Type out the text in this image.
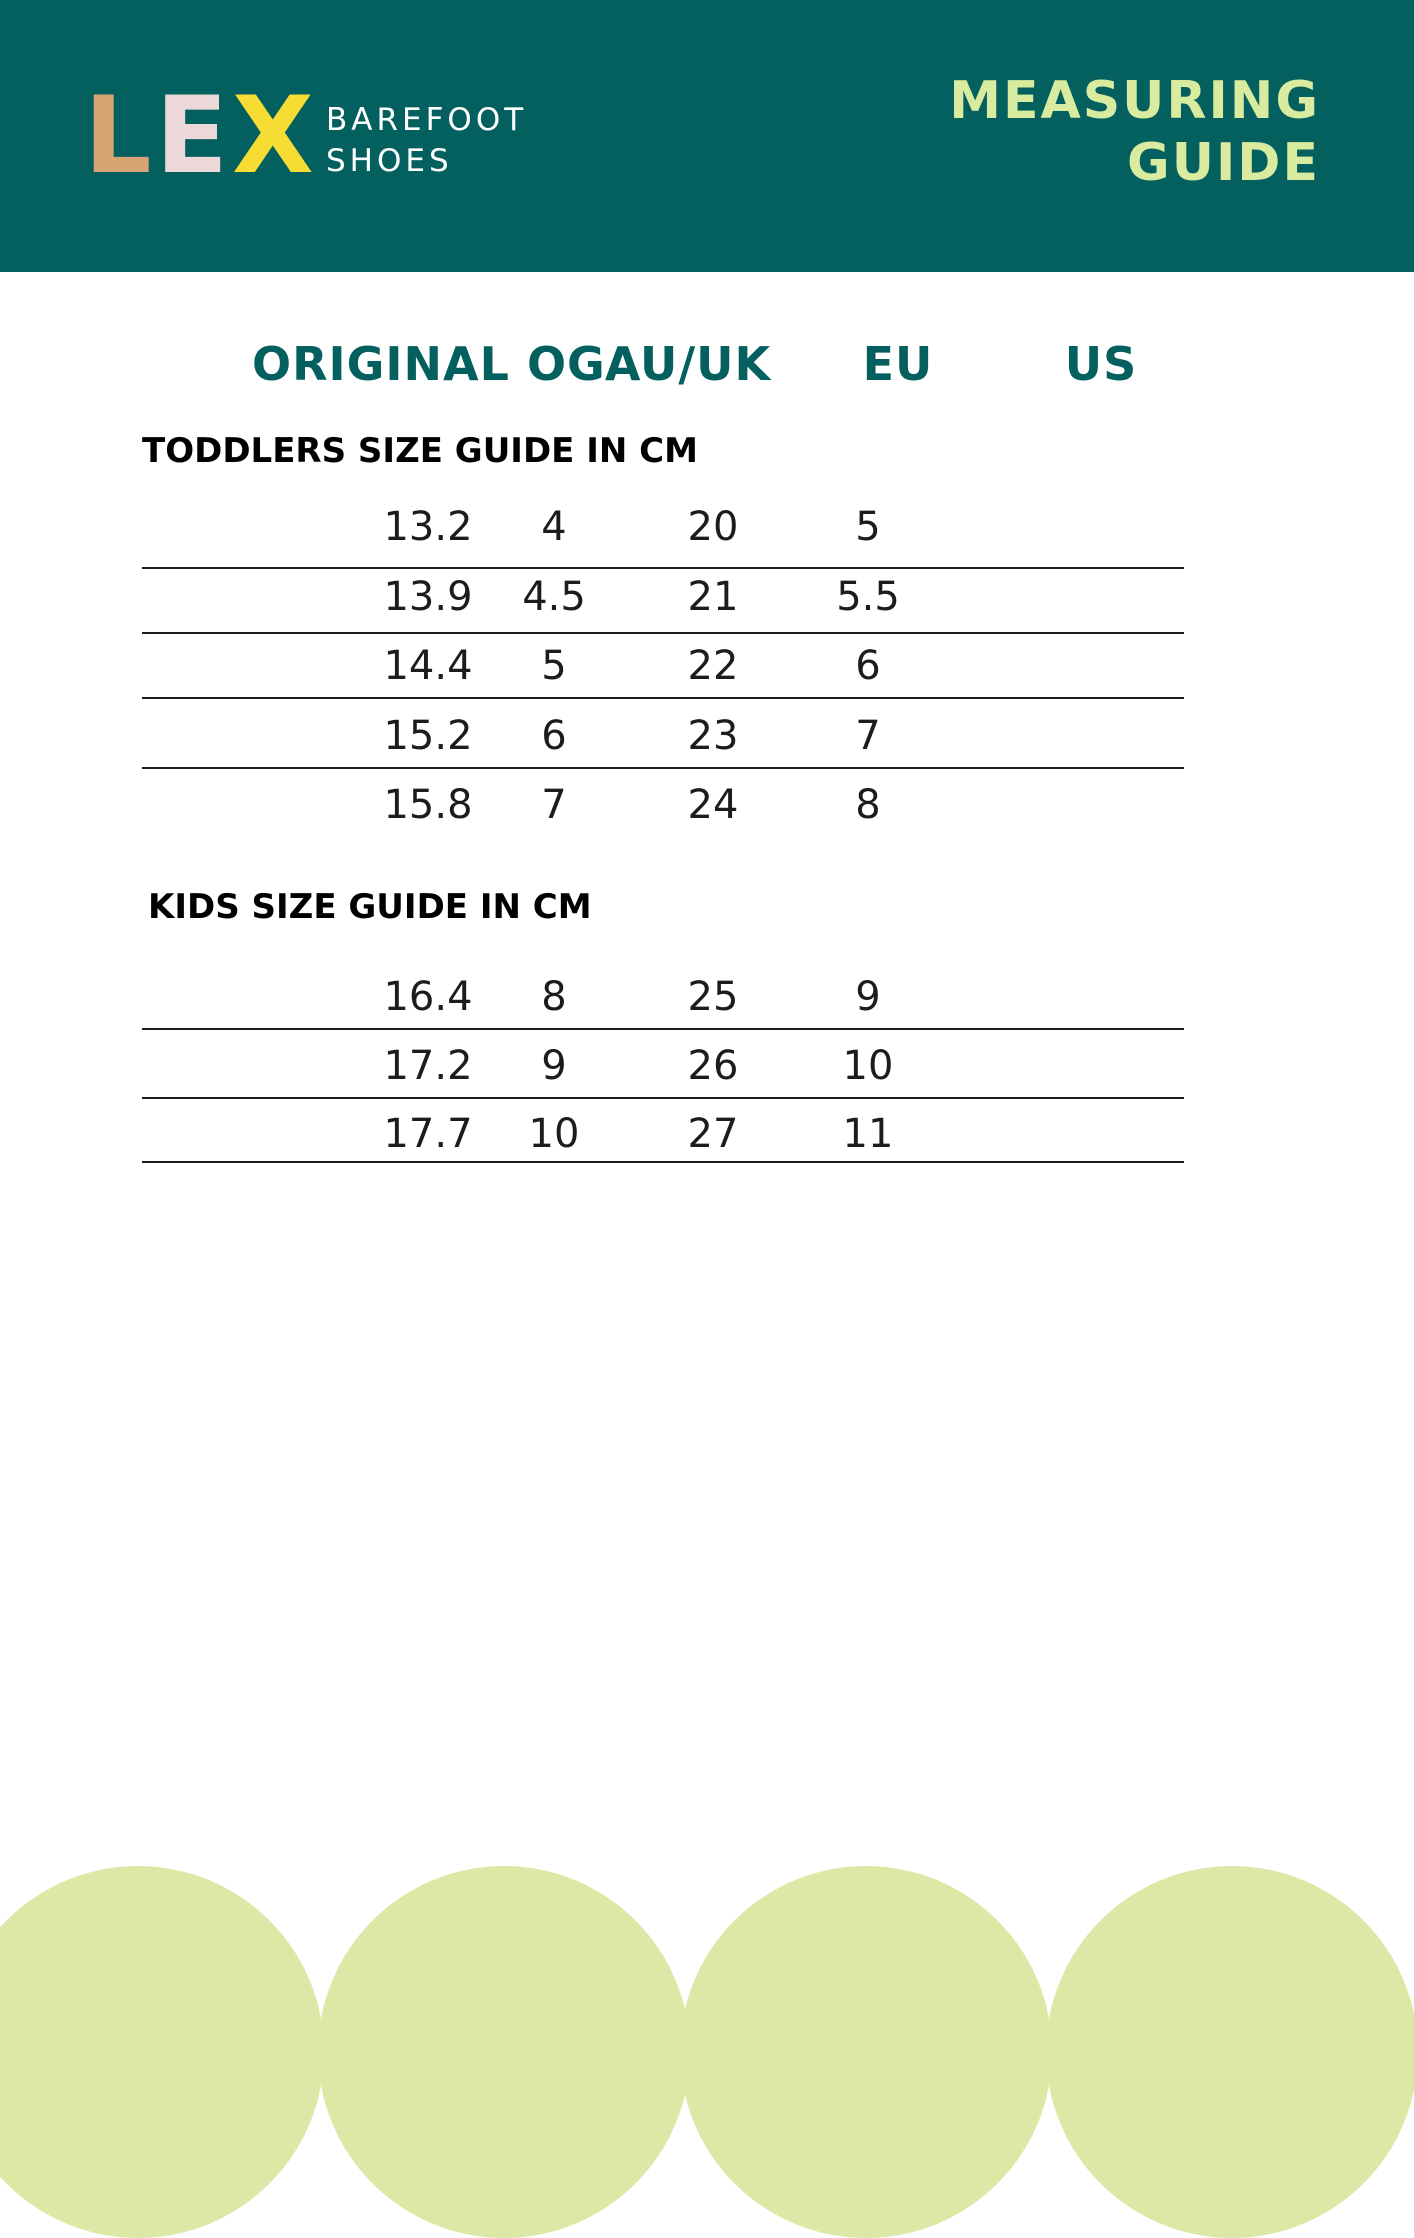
L E X BAREFOOT
SHOES
MEASURING
GUIDE
ORIGINAL OG AU/UK	EU	US
TODDLERS SIZE GUIDE IN CM
13.2	4	20	5
13.9	4.5	21	5.5
14.4	5	22	6
15.2	6	23	7
15.8	7	24	8
KIDS SIZE GUIDE IN CM
16.4	8	25	9
17.2	9	26	10
17.7	10	27	11
